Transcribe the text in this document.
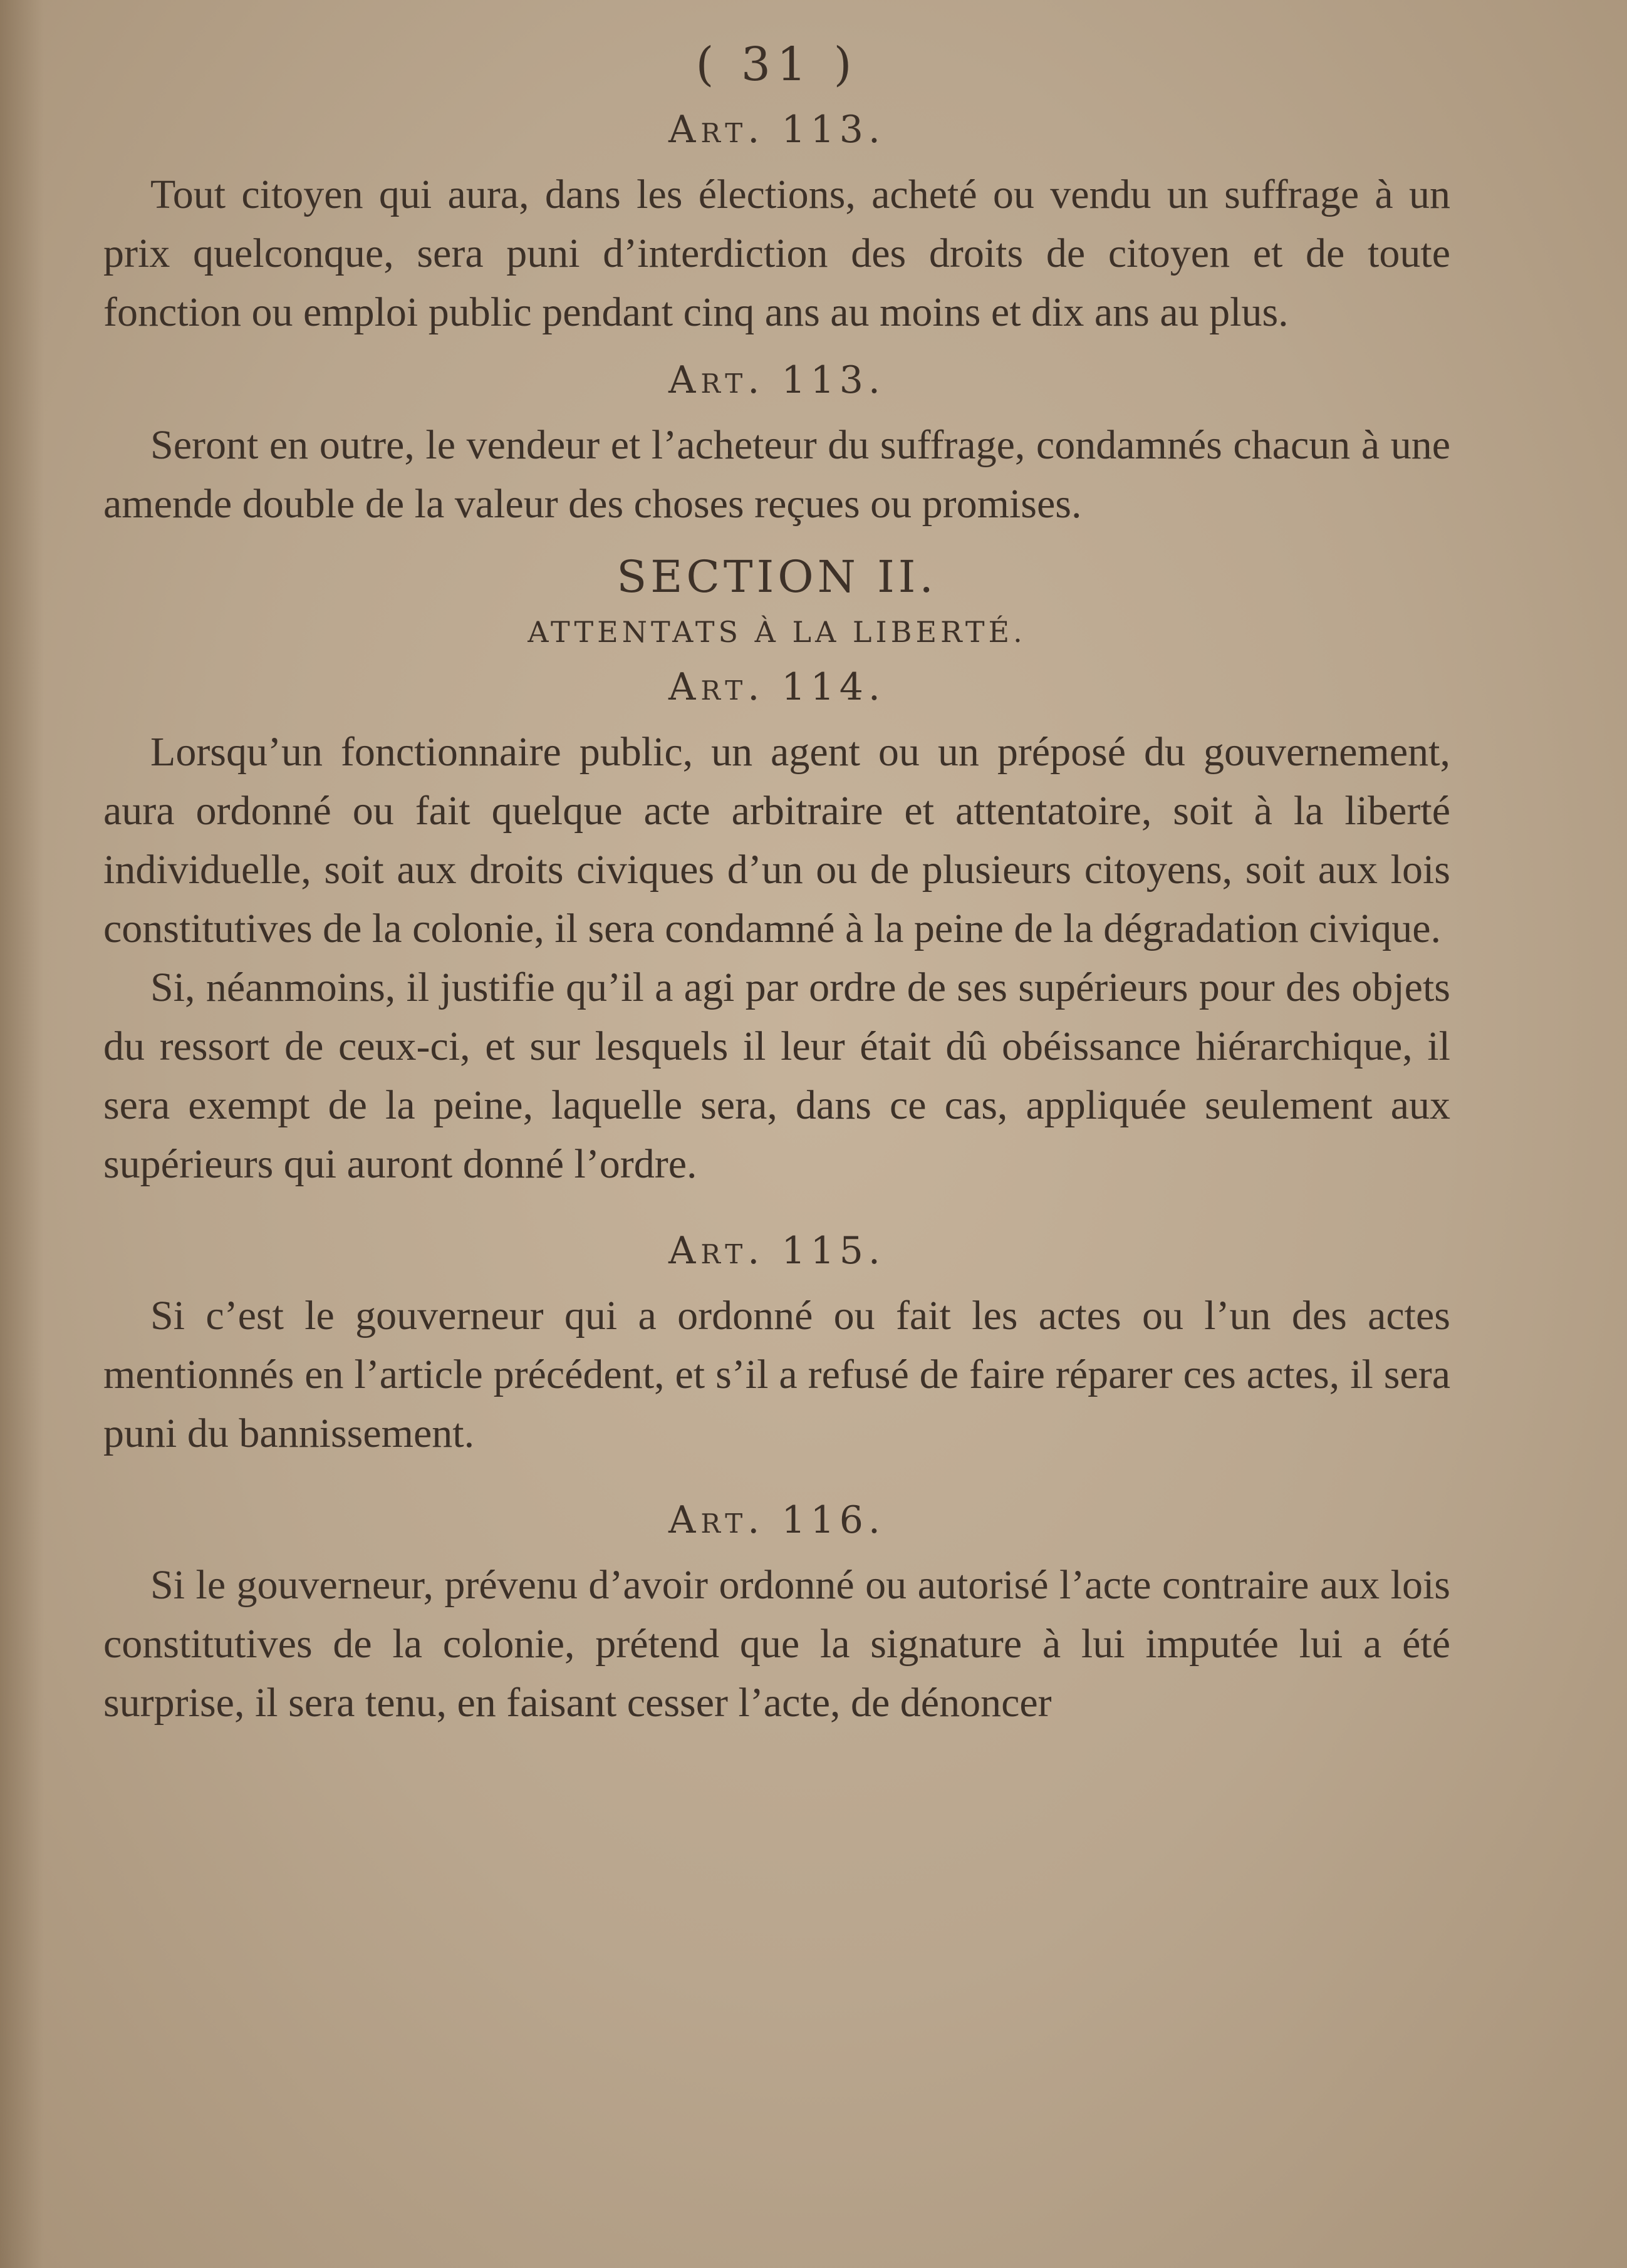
( 31 )
Art. 113.

Tout citoyen qui aura, dans les élections, acheté ou vendu un suffrage à un prix quelconque, sera puni d’interdiction des droits de citoyen et de toute fonction ou emploi public pendant cinq ans au moins et dix ans au plus.

Art. 113.

Seront en outre, le vendeur et l’acheteur du suffrage, condamnés chacun à une amende double de la valeur des choses reçues ou promises.

SECTION II.
ATTENTATS À LA LIBERTÉ.
Art. 114.

Lorsqu’un fonctionnaire public, un agent ou un préposé du gouvernement, aura ordonné ou fait quelque acte arbitraire et attentatoire, soit à la liberté individuelle, soit aux droits civiques d’un ou de plusieurs citoyens, soit aux lois constitutives de la colonie, il sera condamné à la peine de la dégradation civique.

Si, néanmoins, il justifie qu’il a agi par ordre de ses supérieurs pour des objets du ressort de ceux-ci, et sur lesquels il leur était dû obéissance hiérarchique, il sera exempt de la peine, laquelle sera, dans ce cas, appliquée seulement aux supérieurs qui auront donné l’ordre.

Art. 115.

Si c’est le gouverneur qui a ordonné ou fait les actes ou l’un des actes mentionnés en l’article précédent, et s’il a refusé de faire réparer ces actes, il sera puni du bannissement.

Art. 116.

Si le gouverneur, prévenu d’avoir ordonné ou autorisé l’acte contraire aux lois constitutives de la colonie, prétend que la signature à lui imputée lui a été surprise, il sera tenu, en faisant cesser l’acte, de dénoncer
